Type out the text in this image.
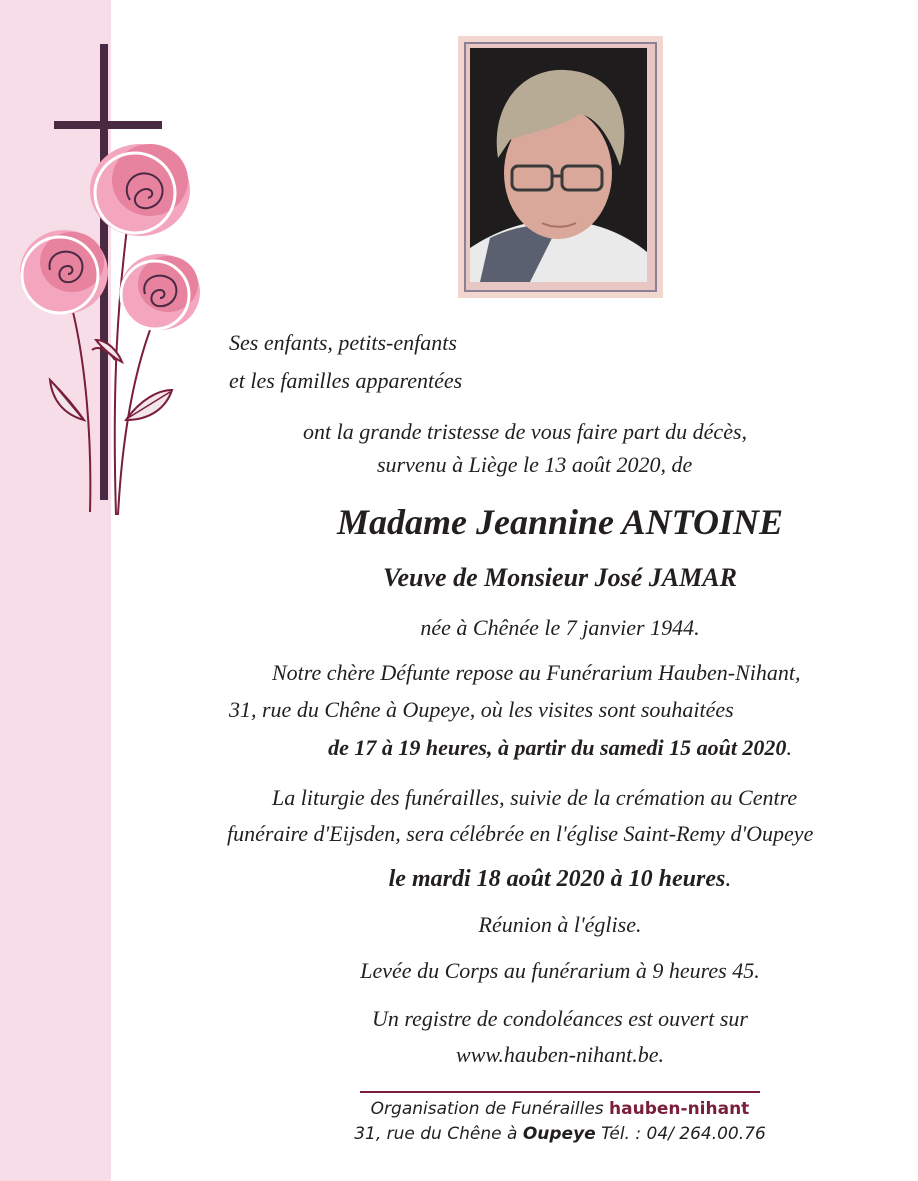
Ses enfants, petits-enfants
et les familles apparentées
ont la grande tristesse de vous faire part du décès,
survenu à Liège le 13 août 2020, de
Madame Jeannine ANTOINE
Veuve de Monsieur José JAMAR
née à Chênée le 7 janvier 1944.
Notre chère Défunte repose au Funérarium Hauben-Nihant,
31, rue du Chêne à Oupeye, où les visites sont souhaitées
de 17 à 19 heures, à partir du samedi 15 août 2020.
La liturgie des funérailles, suivie de la crémation au Centre
funéraire d'Eijsden, sera célébrée en l'église Saint-Remy d'Oupeye
le mardi 18 août 2020 à 10 heures.
Réunion à l'église.
Levée du Corps au funérarium à 9 heures 45.
Un registre de condoléances est ouvert sur
www.hauben-nihant.be.
Organisation de Funérailles hauben-nihant
31, rue du Chêne à Oupeye Tél. : 04/ 264.00.76
